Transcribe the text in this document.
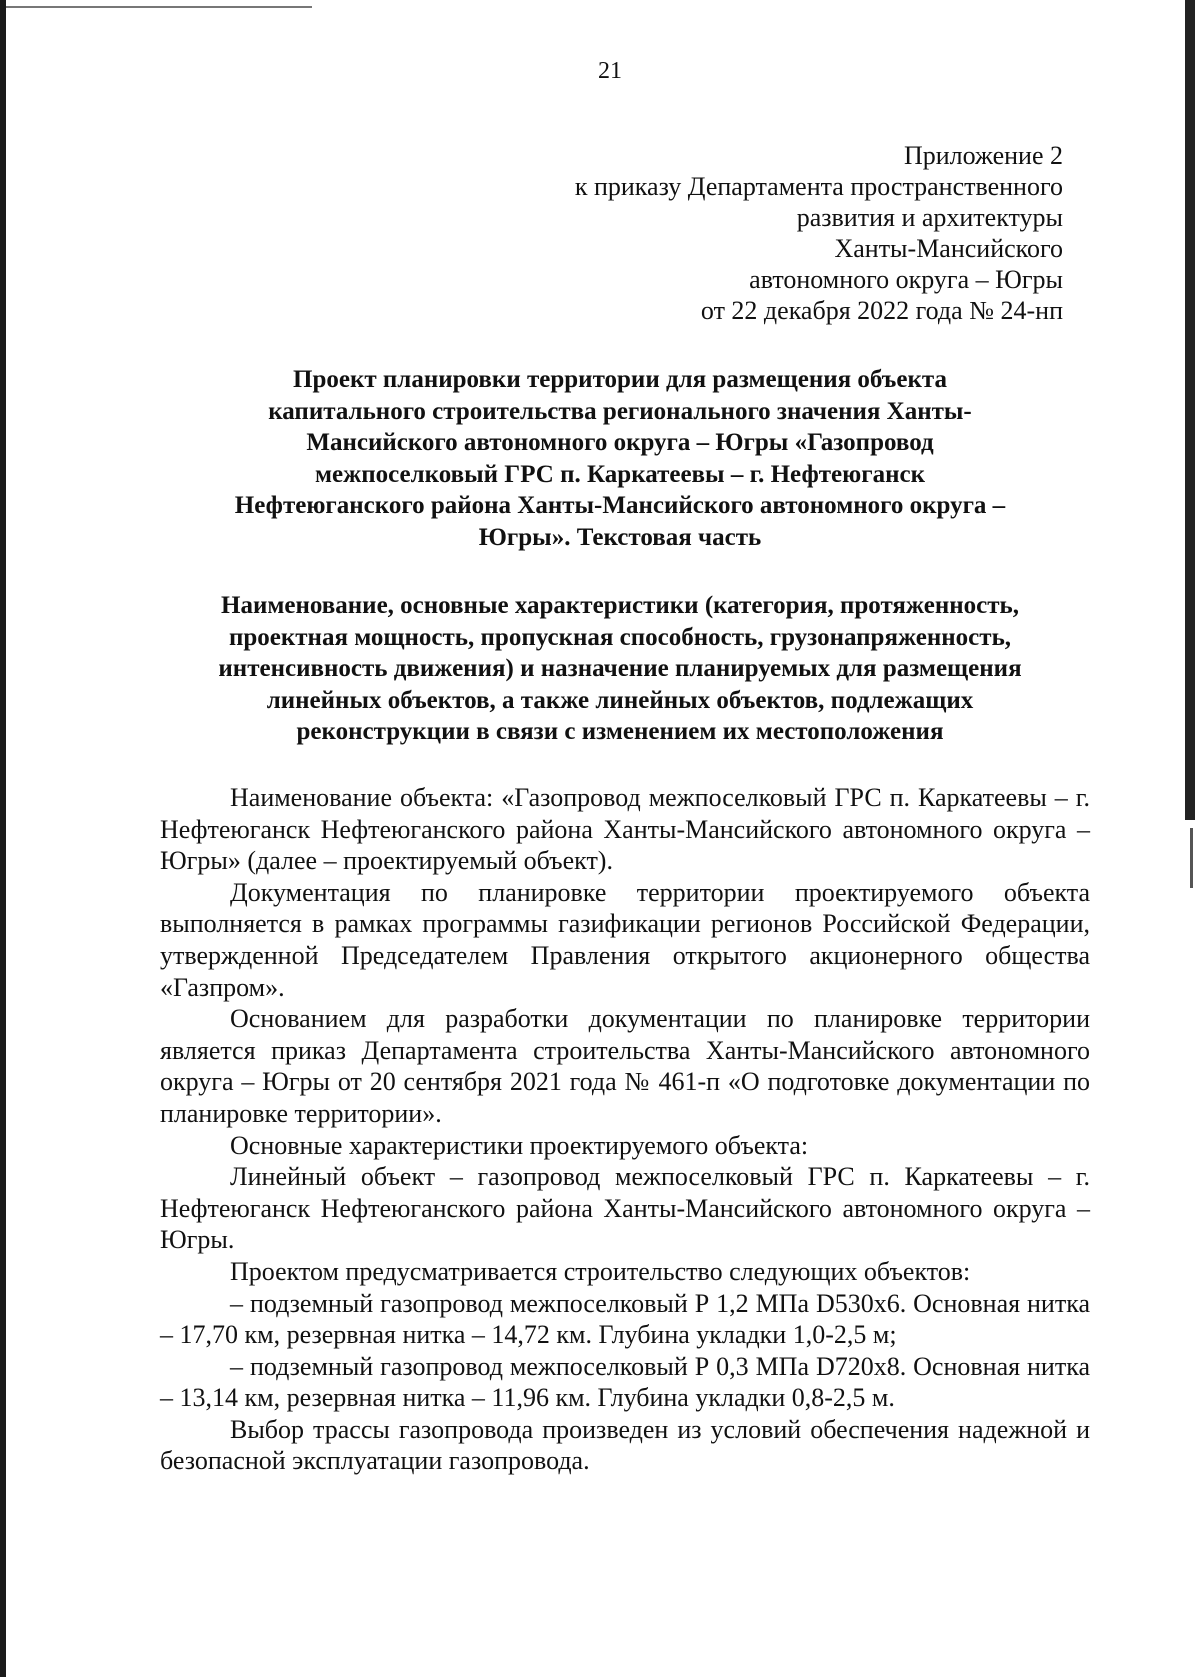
21
Приложение 2
к приказу Департамента пространственного
развития и архитектуры
Ханты-Мансийского
автономного округа – Югры
от 22 декабря 2022 года № 24-нп
Проект планировки территории для размещения объекта
капитального строительства регионального значения Ханты-
Мансийского автономного округа – Югры «Газопровод
межпоселковый ГРС п. Каркатеевы – г. Нефтеюганск
Нефтеюганского района Ханты-Мансийского автономного округа –
Югры». Текстовая часть
Наименование, основные характеристики (категория, протяженность,
проектная мощность, пропускная способность, грузонапряженность,
интенсивность движения) и назначение планируемых для размещения
линейных объектов, а также линейных объектов, подлежащих
реконструкции в связи с изменением их местоположения

Наименование объекта: «Газопровод межпоселковый ГРС п. Каркатеевы – г. Нефтеюганск Нефтеюганского района Ханты-Мансийского автономного округа – Югры» (далее – проектируемый объект).

Документация по планировке территории проектируемого объекта выполняется в рамках программы газификации регионов Российской Федерации, утвержденной Председателем Правления открытого акционерного общества «Газпром».

Основанием для разработки документации по планировке территории является приказ Департамента строительства Ханты-Мансийского автономного округа – Югры от 20 сентября 2021 года № 461-п «О подготовке документации по планировке территории».

Основные характеристики проектируемого объекта:

Линейный объект – газопровод межпоселковый ГРС п. Каркатеевы – г. Нефтеюганск Нефтеюганского района Ханты-Мансийского автономного округа – Югры.

Проектом предусматривается строительство следующих объектов:

– подземный газопровод межпоселковый Р 1,2 МПа D530x6. Основная нитка – 17,70 км, резервная нитка – 14,72 км. Глубина укладки 1,0-2,5 м;

– подземный газопровод межпоселковый Р 0,3 МПа D720x8. Основная нитка – 13,14 км, резервная нитка – 11,96 км. Глубина укладки 0,8-2,5 м.

Выбор трассы газопровода произведен из условий обеспечения надежной и безопасной эксплуатации газопровода.
